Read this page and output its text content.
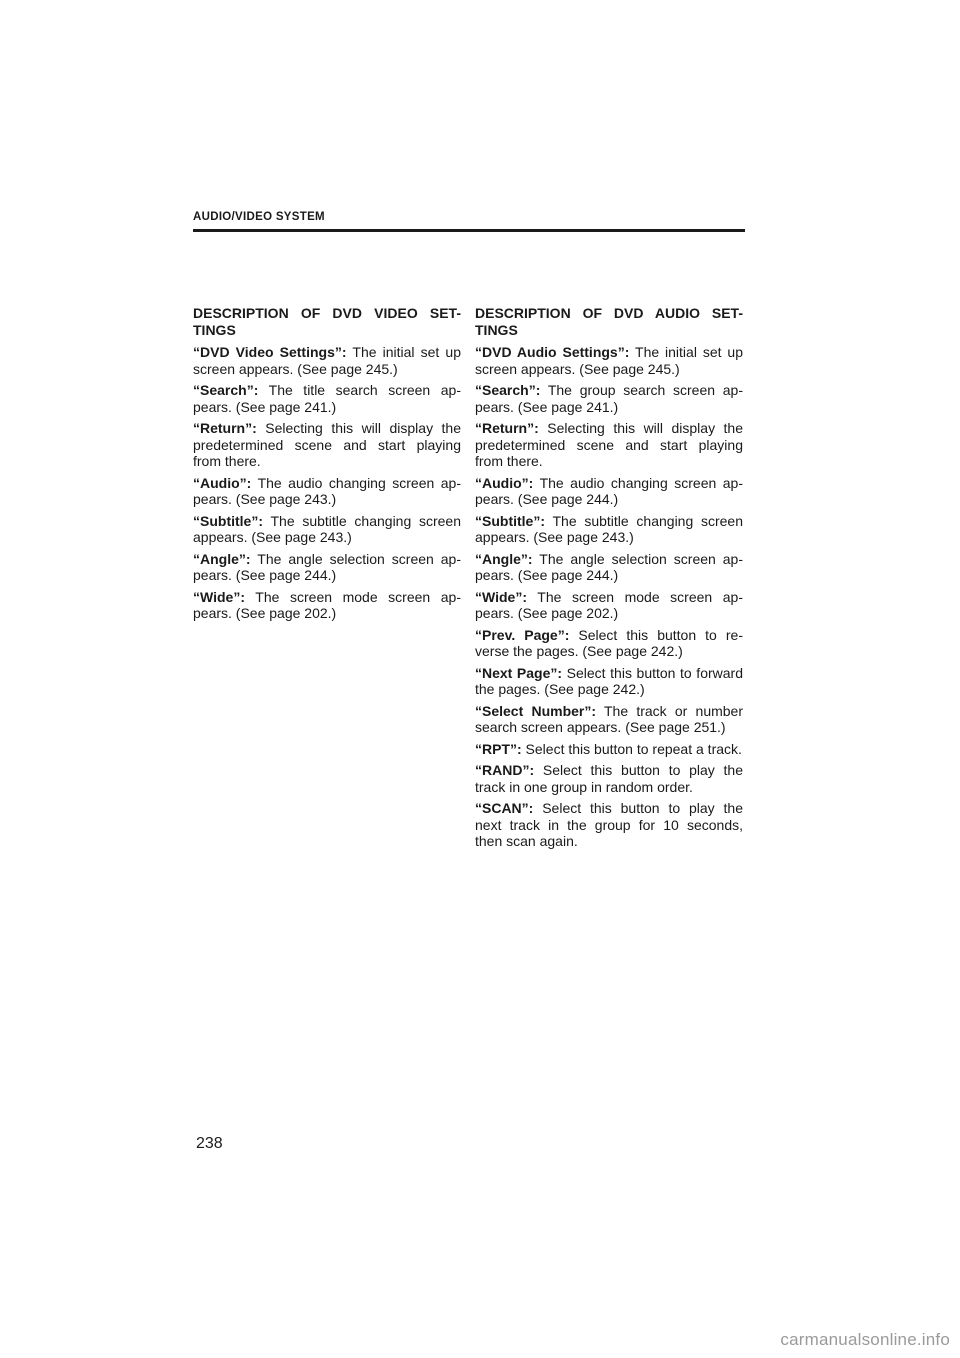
AUDIO/VIDEO SYSTEM
DESCRIPTION OF DVD VIDEO SET-TINGS

“DVD Video Settings”: The initial set up screen appears. (See page 245.)

“Search”: The title search screen ap-pears. (See page 241.)

“Return”: Selecting this will display the predetermined scene and start playing from there.

“Audio”: The audio changing screen ap-pears. (See page 243.)

“Subtitle”: The subtitle changing screen appears. (See page 243.)

“Angle”: The angle selection screen ap-pears. (See page 244.)

“Wide”: The screen mode screen ap-pears. (See page 202.)

DESCRIPTION OF DVD AUDIO SET-TINGS

“DVD Audio Settings”: The initial set up screen appears. (See page 245.)

“Search”: The group search screen ap-pears. (See page 241.)

“Return”: Selecting this will display the predetermined scene and start playing from there.

“Audio”: The audio changing screen ap-pears. (See page 244.)

“Subtitle”: The subtitle changing screen appears. (See page 243.)

“Angle”: The angle selection screen ap-pears. (See page 244.)

“Wide”: The screen mode screen ap-pears. (See page 202.)

“Prev. Page”: Select this button to re-verse the pages. (See page 242.)

“Next Page”: Select this button to forward the pages. (See page 242.)

“Select Number”: The track or number search screen appears. (See page 251.)

“RPT”: Select this button to repeat a track.

“RAND”: Select this button to play the track in one group in random order.

“SCAN”: Select this button to play the next track in the group for 10 seconds, then scan again.

238
carmanualsonline.info
